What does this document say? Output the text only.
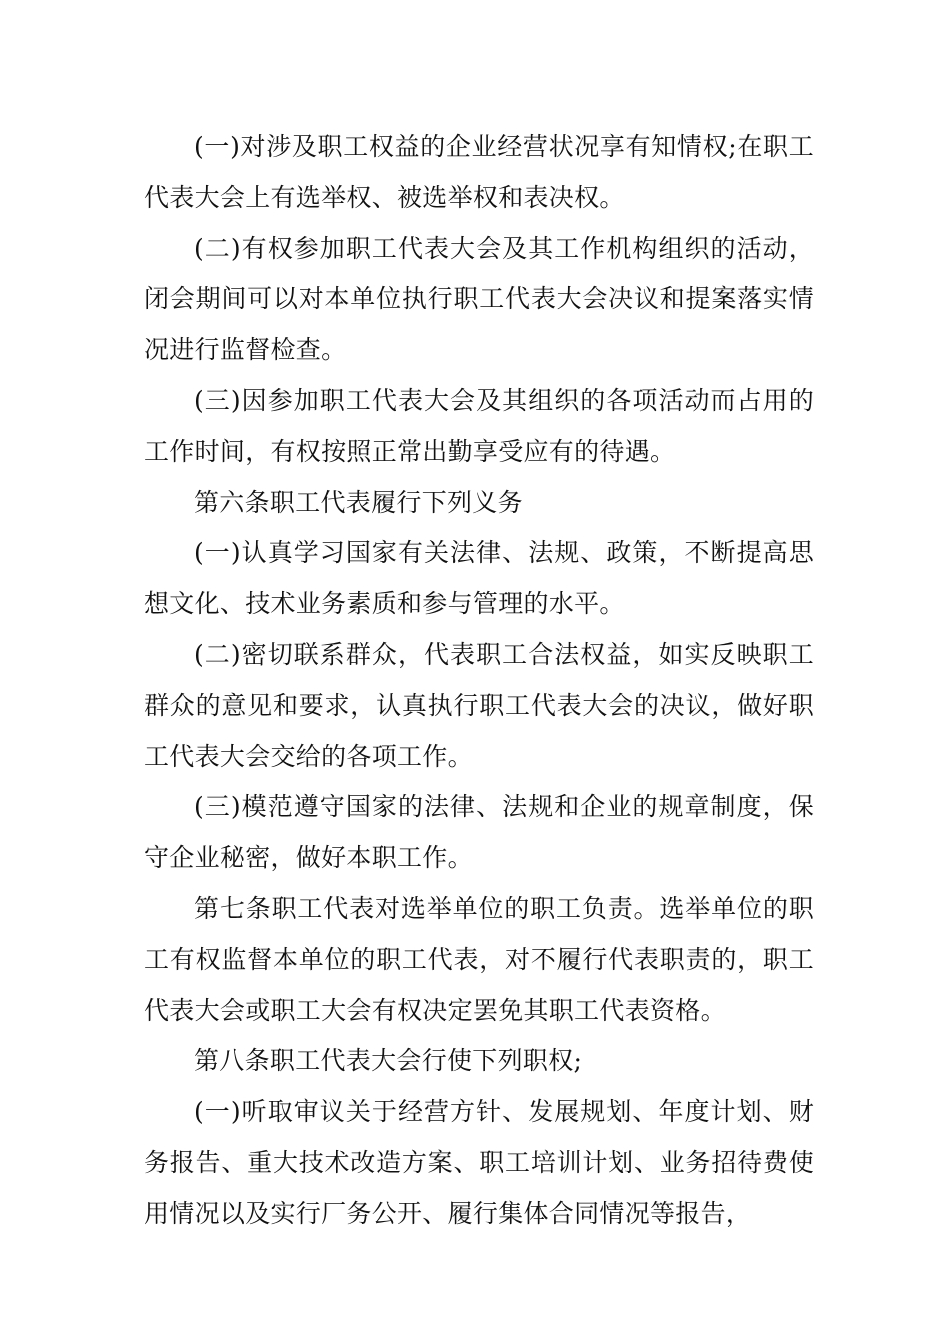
(一)对涉及职工权益的企业经营状况享有知情权;在职工代表大会上有选举权、被选举权和表决权。

(二)有权参加职工代表大会及其工作机构组织的活动，闭会期间可以对本单位执行职工代表大会决议和提案落实情况进行监督检查。

(三)因参加职工代表大会及其组织的各项活动而占用的工作时间，有权按照正常出勤享受应有的待遇。

第六条职工代表履行下列义务

(一)认真学习国家有关法律、法规、政策，不断提高思想文化、技术业务素质和参与管理的水平。

(二)密切联系群众，代表职工合法权益，如实反映职工群众的意见和要求，认真执行职工代表大会的决议，做好职工代表大会交给的各项工作。

(三)模范遵守国家的法律、法规和企业的规章制度，保守企业秘密，做好本职工作。

第七条职工代表对选举单位的职工负责。选举单位的职工有权监督本单位的职工代表，对不履行代表职责的，职工代表大会或职工大会有权决定罢免其职工代表资格。

第八条职工代表大会行使下列职权;

(一)听取审议关于经营方针、发展规划、年度计划、财务报告、重大技术改造方案、职工培训计划、业务招待费使用情况以及实行厂务公开、履行集体合同情况等报告，
